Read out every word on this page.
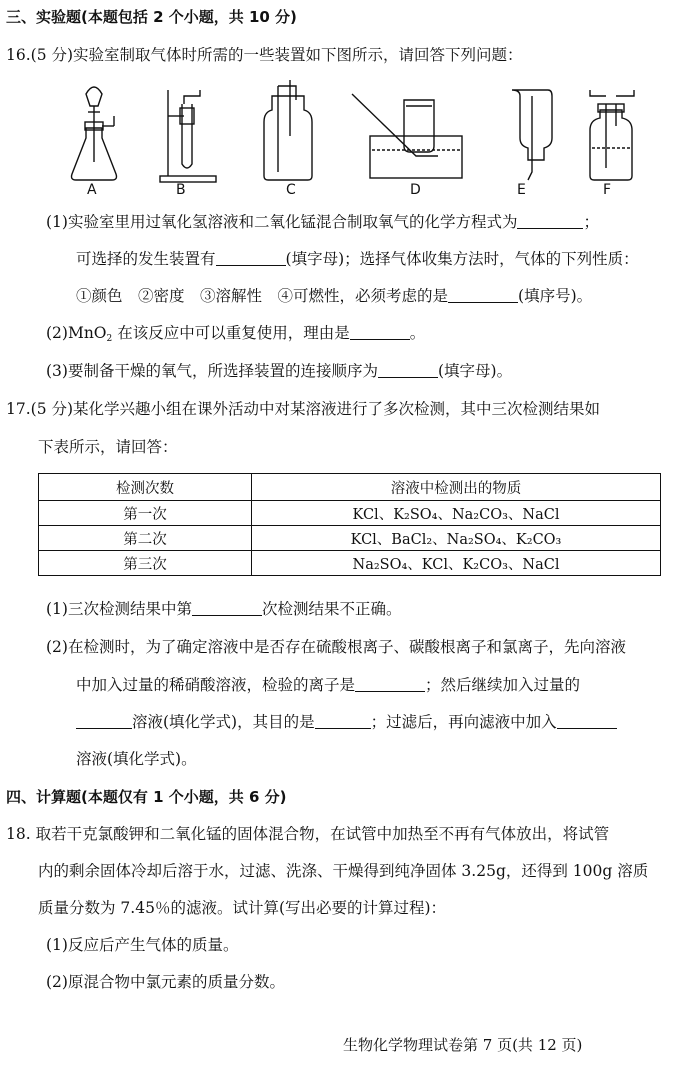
三、实验题(本题包括 2 个小题，共 10 分)
16.(5 分)实验室制取气体时所需的一些装置如下图所示，请回答下列问题：
A	B	C	D	E	F
(1)实验室里用过氧化氢溶液和二氧化锰混合制取氧气的化学方程式为	；
可选择的发生装置有	(填字母)；选择气体收集方法时，气体的下列性质：
①颜色　②密度　③溶解性　④可燃性，必须考虑的是	(填序号)。
(2)MnO$_2$ 在该反应中可以重复使用，理由是	。
(3)要制备干燥的氧气，所选择装置的连接顺序为	(填字母)。
17.(5 分)某化学兴趣小组在课外活动中对某溶液进行了多次检测，其中三次检测结果如
下表所示，请回答：
检测次数	溶液中检测出的物质
第一次	KCl、K₂SO₄、Na₂CO₃、NaCl
第二次	KCl、BaCl₂、Na₂SO₄、K₂CO₃
第三次	Na₂SO₄、KCl、K₂CO₃、NaCl
(1)三次检测结果中第	次检测结果不正确。
(2)在检测时，为了确定溶液中是否存在硫酸根离子、碳酸根离子和氯离子，先向溶液
中加入过量的稀硝酸溶液，检验的离子是	；然后继续加入过量的
溶液(填化学式)，其目的是	；过滤后，再向滤液中加入
溶液(填化学式)。
四、计算题(本题仅有 1 个小题，共 6 分)
18. 取若干克氯酸钾和二氧化锰的固体混合物，在试管中加热至不再有气体放出，将试管
内的剩余固体冷却后溶于水，过滤、洗涤、干燥得到纯净固体 3.25g，还得到 100g 溶质
质量分数为 7.45％的滤液。试计算(写出必要的计算过程)：
(1)反应后产生气体的质量。
(2)原混合物中氯元素的质量分数。
生物化学物理试卷第 7 页(共 12 页)
